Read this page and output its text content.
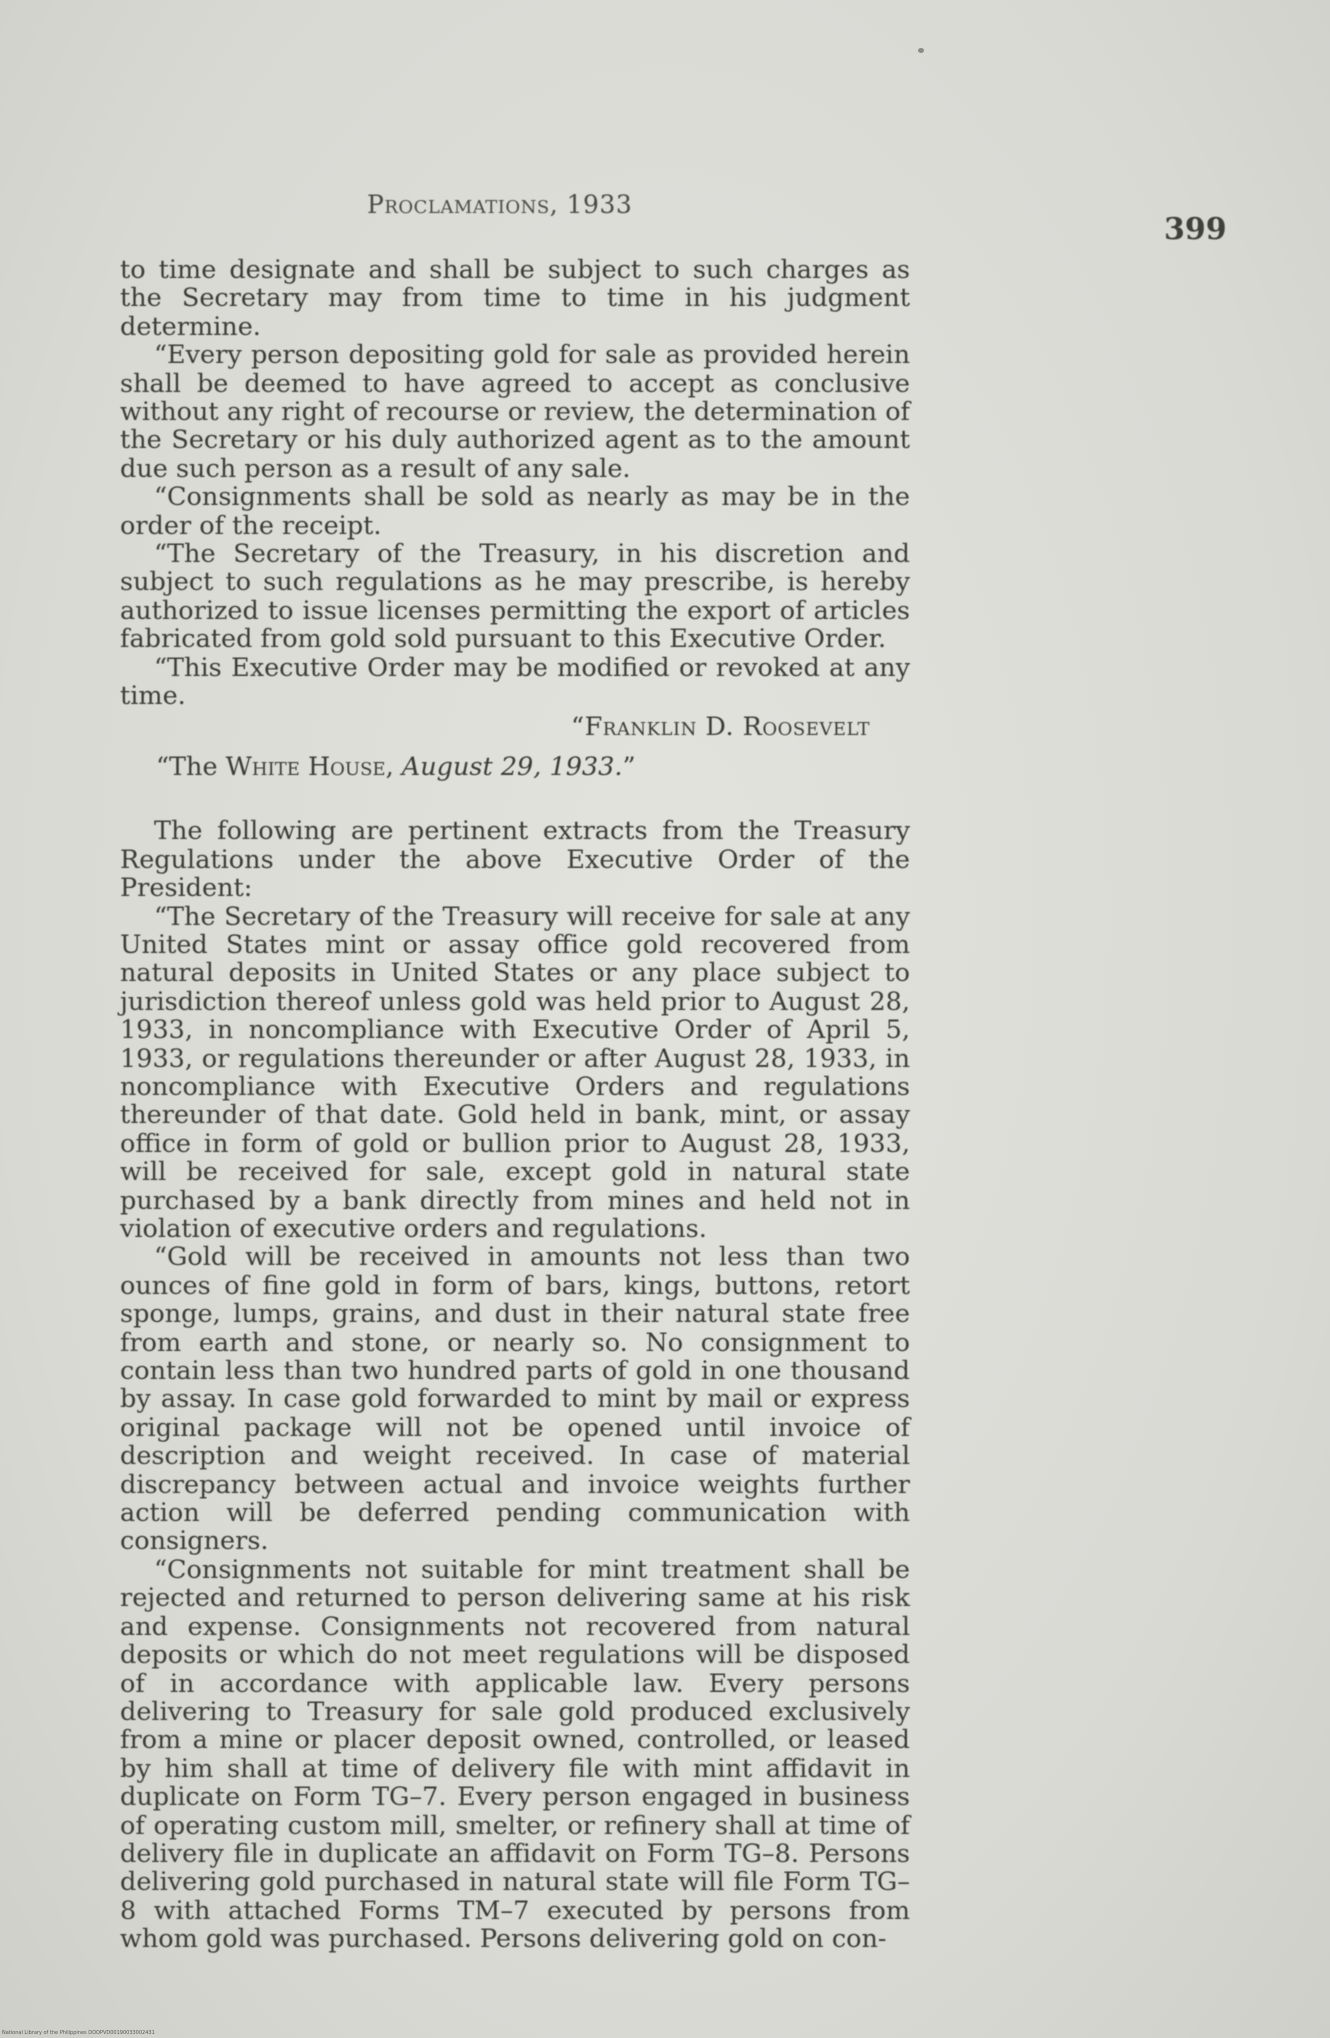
Proclamations, 1933
399

to time designate and shall be subject to such charges as the Secretary may from time to time in his judgment determine.

“Every person depositing gold for sale as provided herein shall be deemed to have agreed to accept as conclusive without any right of recourse or review, the determination of the Secretary or his duly authorized agent as to the amount due such person as a result of any sale.

“Consignments shall be sold as nearly as may be in the order of the receipt.

“The Secretary of the Treasury, in his discretion and subject to such regulations as he may prescribe, is hereby authorized to issue licenses permitting the export of articles fabricated from gold sold pursuant to this Executive Order.

“This Executive Order may be modified or revoked at any time.

“Franklin D. Roosevelt

“The White House, August 29, 1933.”

The following are pertinent extracts from the Treasury Regulations under the above Executive Order of the President:

“The Secretary of the Treasury will receive for sale at any United States mint or assay office gold recovered from natural deposits in United States or any place subject to jurisdiction thereof unless gold was held prior to August 28, 1933, in noncompliance with Executive Order of April 5, 1933, or regulations thereunder or after August 28, 1933, in noncompliance with Executive Orders and regulations thereunder of that date. Gold held in bank, mint, or assay office in form of gold or bullion prior to August 28, 1933, will be received for sale, except gold in natural state purchased by a bank directly from mines and held not in violation of executive orders and regulations.

“Gold will be received in amounts not less than two ounces of fine gold in form of bars, kings, buttons, retort sponge, lumps, grains, and dust in their natural state free from earth and stone, or nearly so. No consignment to contain less than two hundred parts of gold in one thousand by assay. In case gold forwarded to mint by mail or express original package will not be opened until invoice of description and weight received. In case of material discrepancy between actual and invoice weights further action will be deferred pending communication with consigners.

“Consignments not suitable for mint treatment shall be rejected and returned to person delivering same at his risk and expense. Consignments not recovered from natural deposits or which do not meet regulations will be disposed of in accordance with applicable law. Every persons delivering to Treasury for sale gold produced exclusively from a mine or placer deposit owned, controlled, or leased by him shall at time of delivery file with mint affidavit in duplicate on Form TG–7. Every person engaged in business of operating custom mill, smelter, or refinery shall at time of delivery file in duplicate an affidavit on Form TG–8. Persons delivering gold purchased in natural state will file Form TG–8 with attached Forms TM–7 executed by persons from whom gold was purchased. Persons delivering gold on con-

National Library of the Philippines DOOPVD00190033002431
